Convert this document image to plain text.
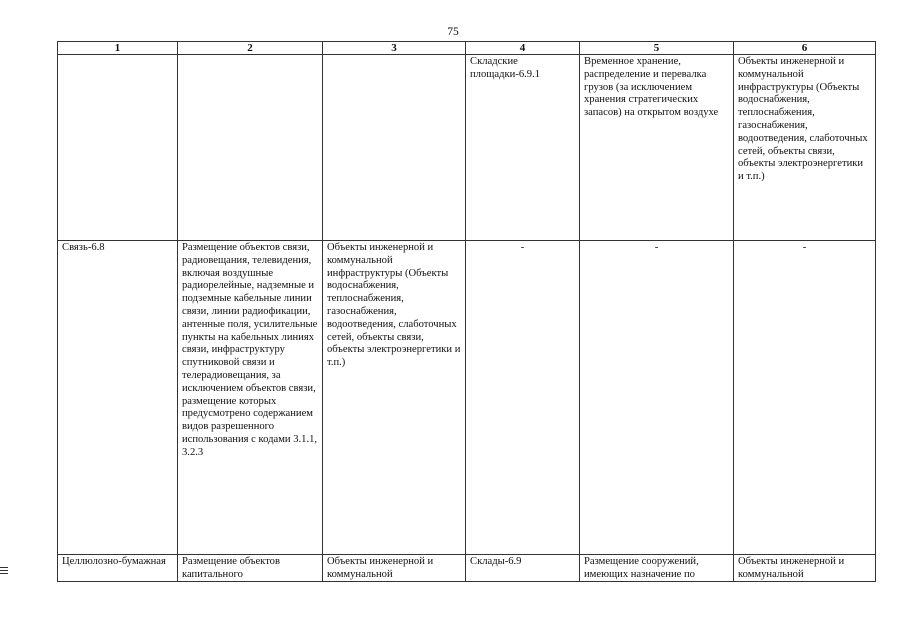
75
1	2	3	4	5	6
			Складские площадки-6.9.1	Временное хранение, распределение и перевалка грузов (за исключением хранения стратегических запасов) на открытом воздухе	Объекты инженерной и коммунальной инфраструктуры (Объекты водоснабжения, теплоснабжения, газоснабжения, водоотведения, слаботочных сетей, объекты связи, объекты электроэнергетики и т.п.)
Связь-6.8	Размещение объектов связи, радиовещания, телевидения, включая воздушные радиорелейные, надземные и подземные кабельные линии связи, линии радиофикации, антенные поля, усилительные пункты на кабельных линиях связи, инфраструктуру спутниковой связи и телерадиовещания, за исключением объектов связи, размещение которых предусмотрено содержанием видов разрешенного использования с кодами 3.1.1, 3.2.3	Объекты инженерной и коммунальной инфраструктуры (Объекты водоснабжения, теплоснабжения, газоснабжения, водоотведения, слаботочных сетей, объекты связи, объекты электроэнергетики и т.п.)	-	-	-

Целлюлозно-бумажная	Размещение объектов капитального	Объекты инженерной и коммунальной	Склады-6.9	Размещение сооружений, имеющих назначение по	Объекты инженерной и коммунальной
